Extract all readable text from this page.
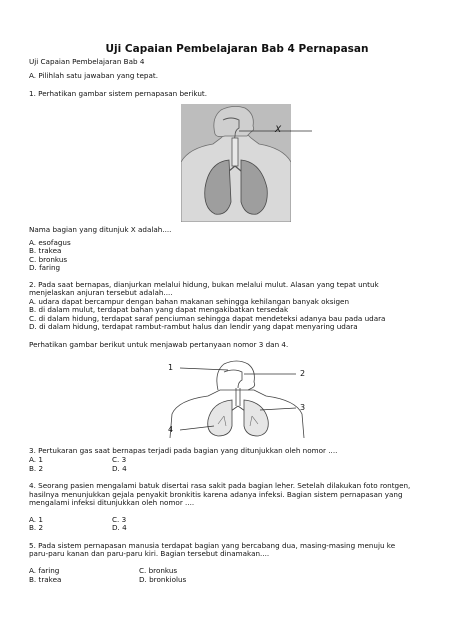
Uji Capaian Pembelajaran Bab 4 Pernapasan
Uji Capaian Pembelajaran Bab 4
A. Pilihlah satu jawaban yang tepat.
1. Perhatikan gambar sistem pernapasan berikut.
X
Nama bagian yang ditunjuk X adalah....
A. esofagus
B. trakea
C. bronkus
D. faring
2. Pada saat bernapas, dianjurkan melalui hidung, bukan melalui mulut. Alasan yang tepat untuk
menjelaskan anjuran tersebut adalah....
A. udara dapat bercampur dengan bahan makanan sehingga kehilangan banyak oksigen
B. di dalam mulut, terdapat bahan yang dapat mengakibatkan tersedak
C. di dalam hidung, terdapat saraf penciuman sehingga dapat mendeteksi adanya bau pada udara
D. di dalam hidung, terdapat rambut-rambut halus dan lendir yang dapat menyaring udara
Perhatikan gambar berikut untuk menjawab pertanyaan nomor 3 dan 4.
1
2
3
4
3. Pertukaran gas saat bernapas terjadi pada bagian yang ditunjukkan oleh nomor ....
A. 1	C. 3
B. 2	D. 4
4. Seorang pasien mengalami batuk disertai rasa sakit pada bagian leher. Setelah dilakukan foto rontgen,
hasilnya menunjukkan gejala penyakit bronkitis karena adanya infeksi. Bagian sistem pernapasan yang
mengalami infeksi ditunjukkan oleh nomor ....
A. 1	C. 3
B. 2	D. 4
5. Pada sistem pernapasan manusia terdapat bagian yang bercabang dua, masing-masing menuju ke
paru-paru kanan dan paru-paru kiri. Bagian tersebut dinamakan....
A. faring	C. bronkus
B. trakea	D. bronkiolus
